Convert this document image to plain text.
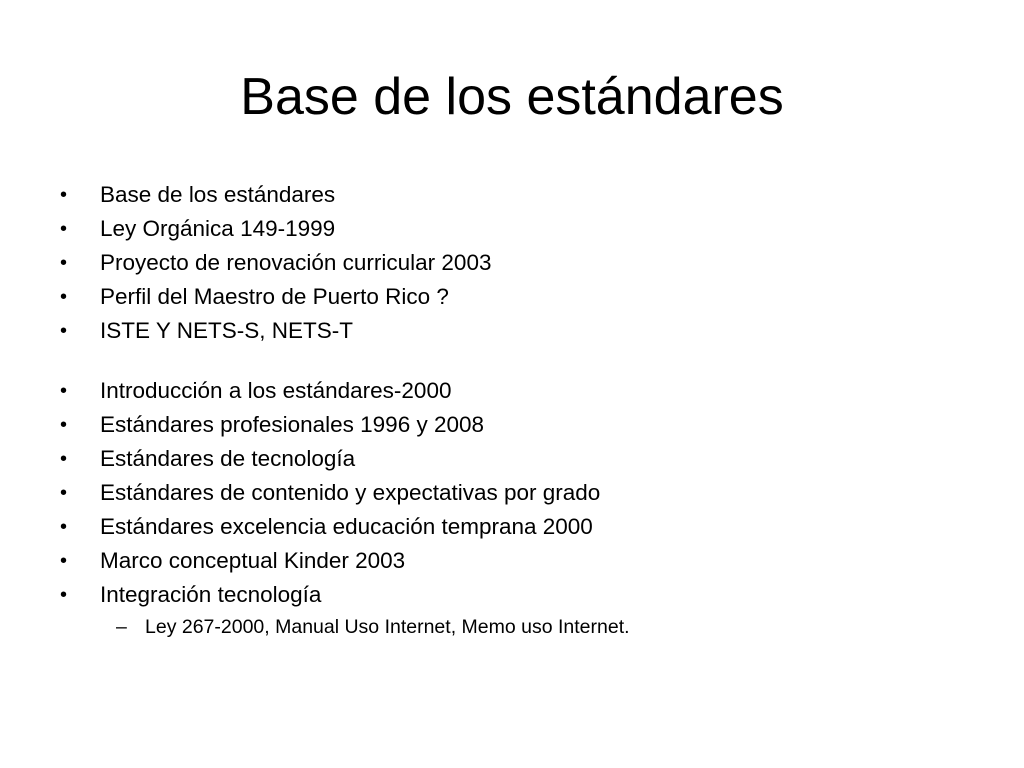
Base de los estándares
•	Base de los estándares
•	Ley Orgánica 149-1999
•	Proyecto de renovación curricular 2003
•	Perfil del Maestro de Puerto Rico ?
•	ISTE Y NETS-S, NETS-T
•	Introducción a los estándares-2000
•	Estándares profesionales 1996 y 2008
•	Estándares de tecnología
•	Estándares de contenido y expectativas por grado
•	Estándares excelencia educación temprana 2000
•	Marco conceptual Kinder 2003
•	Integración tecnología
– Ley 267-2000, Manual Uso Internet, Memo uso Internet.
